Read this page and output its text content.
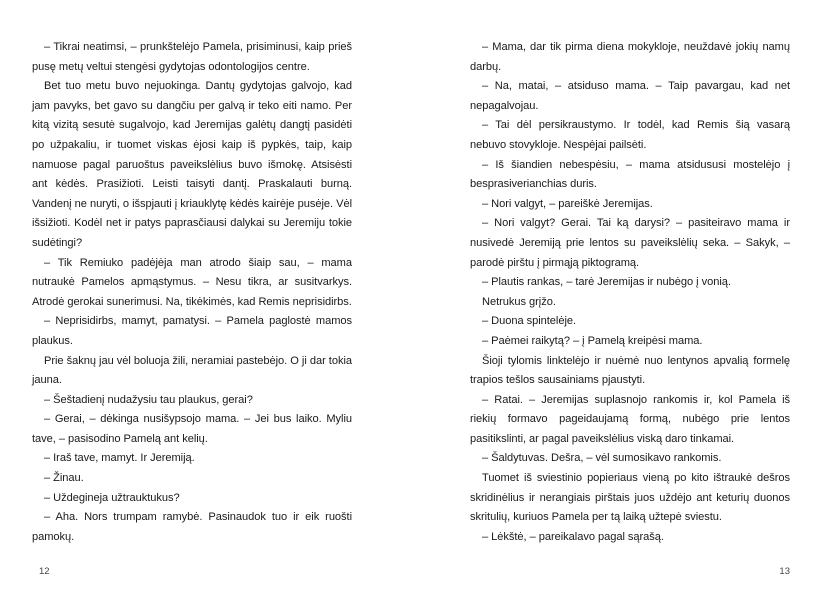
– Tikrai neatimsi, – prunkštelėjo Pamela, prisiminusi, kaip prieš pusę metų veltui stengėsi gydytojas odontologijos centre.

Bet tuo metu buvo nejuokinga. Dantų gydytojas galvojo, kad jam pavyks, bet gavo su dangčiu per galvą ir teko eiti namo. Per kitą vizitą sesutė sugalvojo, kad Jeremijas galėtų dangtį pasidėti po užpakaliu, ir tuomet viskas ėjosi kaip iš pypkės, taip, kaip namuose pagal paruoštus paveikslėlius buvo išmokę. Atsisėsti ant kėdės. Prasižioti. Leisti taisyti dantį. Praskalauti burną. Vandenį ne nuryti, o išspjauti į kriauklytę kėdės kairėje pusėje. Vėl išsižioti. Kodėl net ir patys paprasčiausi dalykai su Jeremiju tokie sudėtingi?

– Tik Remiuko padėjėja man atrodo šiaip sau, – mama nutraukė Pamelos apmąstymus. – Nesu tikra, ar susitvarkys. Atrodė gerokai sunerimusi. Na, tikėkimės, kad Remis neprisidirbs.

– Neprisidirbs, mamyt, pamatysi. – Pamela paglostė mamos plaukus.

Prie šaknų jau vėl boluoja žili, neramiai pastebėjo. O ji dar tokia jauna.

– Šeštadienį nudažysiu tau plaukus, gerai?

– Gerai, – dėkinga nusišypsojo mama. – Jei bus laiko. Myliu tave, – pasisodino Pamelą ant kelių.

– Iraš tave, mamyt. Ir Jeremiją.

– Žinau.

– Uždegineja užtrauktukus?

– Aha. Nors trumpam ramybė. Pasinaudok tuo ir eik ruošti pamokų.

12

– Mama, dar tik pirma diena mokykloje, neuždavė jokių namų darbų.

– Na, matai, – atsiduso mama. – Taip pavargau, kad net nepagalvojau.

– Tai dėl persikraustymo. Ir todėl, kad Remis šią vasarą nebuvo stovykloje. Nespėjai pailsėti.

– Iš šiandien nebespėsiu, – mama atsidususi mostelėjo į besprasiverianchias duris.

– Nori valgyt, – pareiškė Jeremijas.

– Nori valgyt? Gerai. Tai ką darysi? – pasiteiravo mama ir nusivedė Jeremiją prie lentos su paveikslėlių seka. – Sakyk, – parodė pirštu į pirmąją piktogramą.

– Plautis rankas, – tarė Jeremijas ir nubėgo į vonią.

Netrukus grįžo.

– Duona spintelėje.

– Paėmei raikytą? – į Pamelą kreipėsi mama.

Šioji tylomis linktelėjo ir nuėmė nuo lentynos apvalią formelę trapios tešlos sausainiams pjaustyti.

– Ratai. – Jeremijas suplasnojo rankomis ir, kol Pamela iš riekių formavo pageidaujamą formą, nubėgo prie lentos pasitikslinti, ar pagal paveikslėlius viską daro tinkamai.

– Šaldytuvas. Dešra, – vėl sumosikavo rankomis.

Tuomet iš sviestinio popieriaus vieną po kito ištraukė dešros skridinėlius ir nerangiais pirštais juos uždėjo ant keturių duonos skritulių, kuriuos Pamela per tą laiką užtepė sviestu.

– Lėkštė, – pareikalavo pagal sąrašą.

13
